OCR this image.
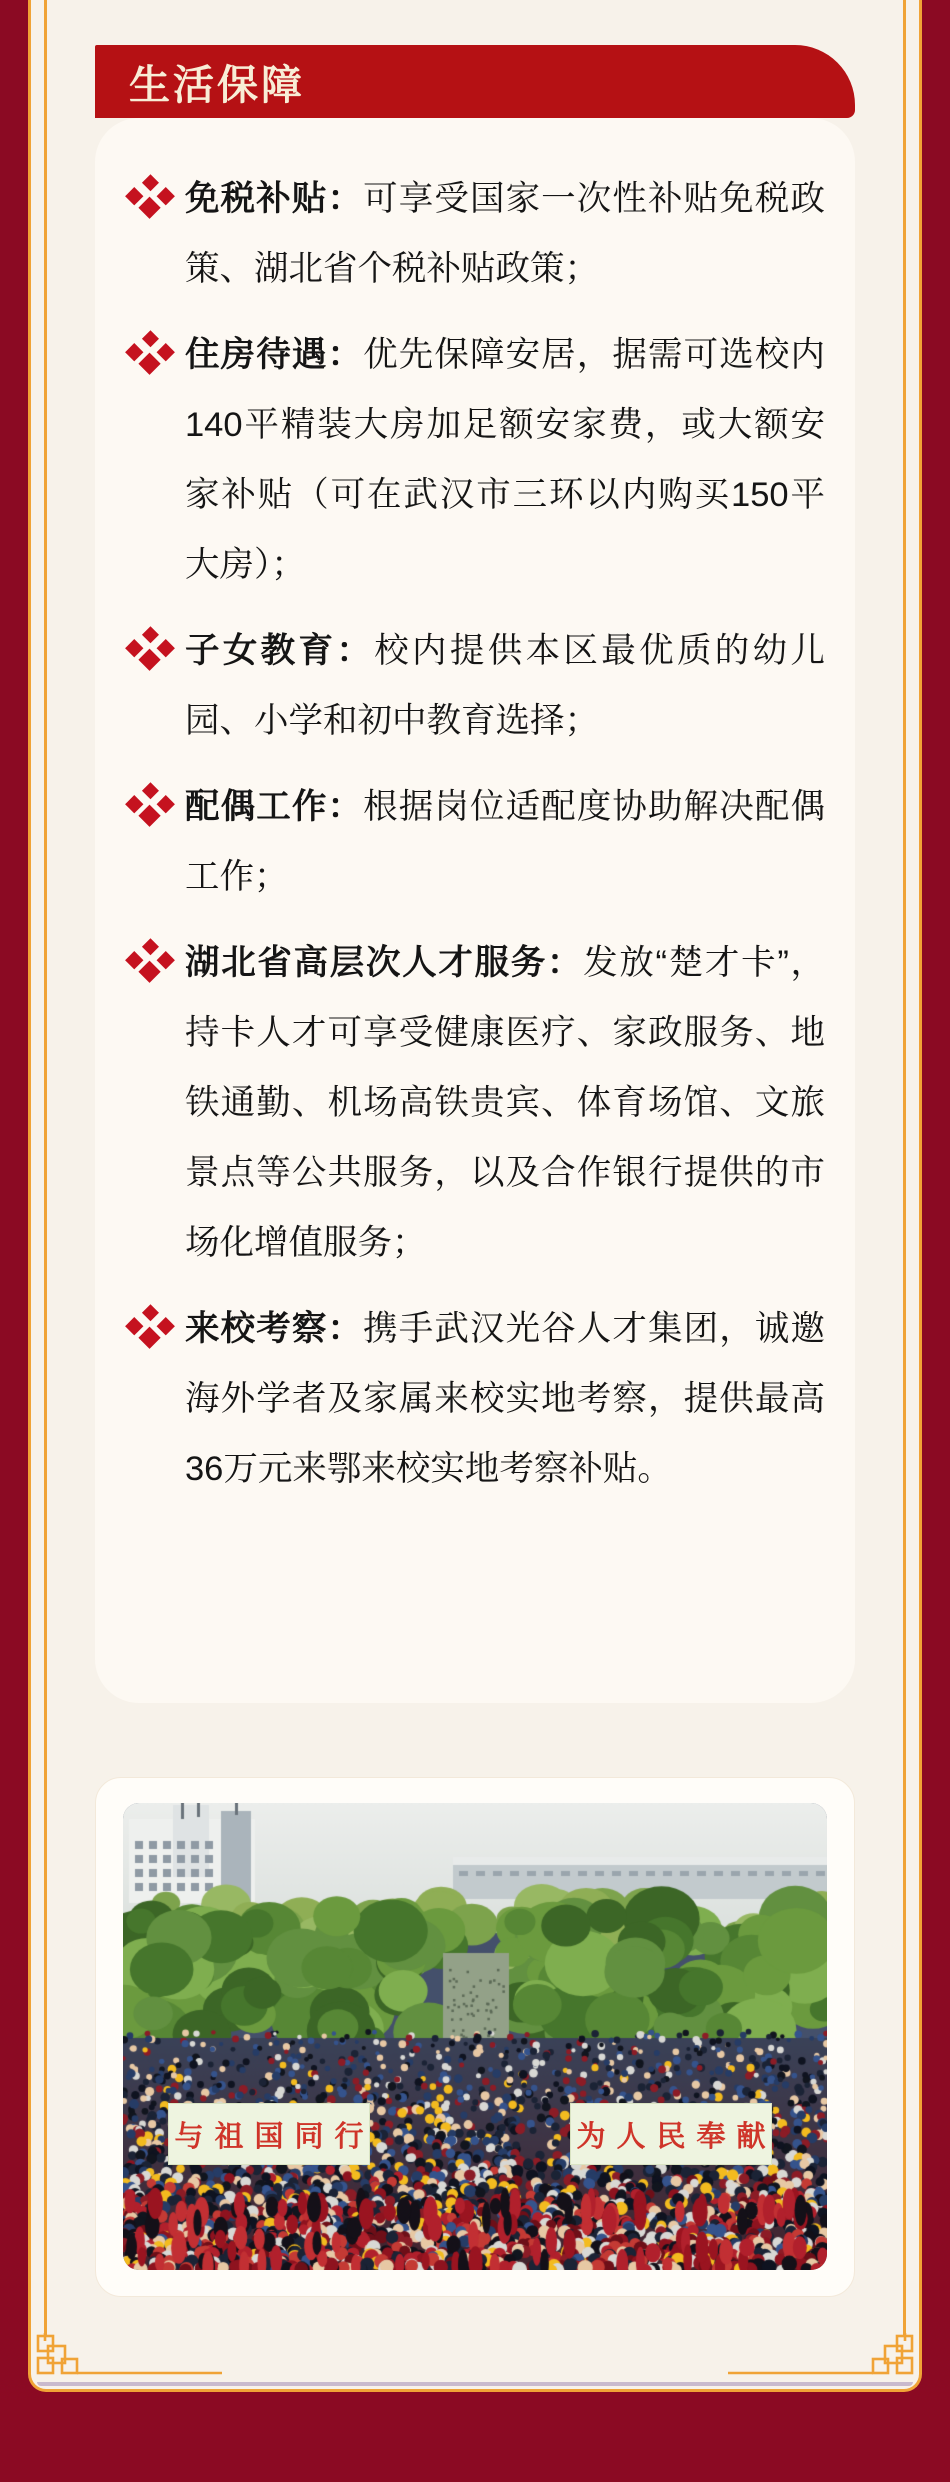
生活保障
免税补贴：可享受国家一次性补贴免税政策、湖北省个税补贴政策；
住房待遇：优先保障安居，据需可选校内140平精装大房加足额安家费，或大额安家补贴（可在武汉市三环以内购买150平大房）；
子女教育：校内提供本区最优质的幼儿园、小学和初中教育选择；
配偶工作：根据岗位适配度协助解决配偶工作；
湖北省高层次人才服务：发放“楚才卡”，持卡人才可享受健康医疗、家政服务、地铁通勤、机场高铁贵宾、体育场馆、文旅景点等公共服务，以及合作银行提供的市场化增值服务；
来校考察：携手武汉光谷人才集团，诚邀海外学者及家属来校实地考察，提供最高36万元来鄂来校实地考察补贴。
与祖国同行	为人民奉献
